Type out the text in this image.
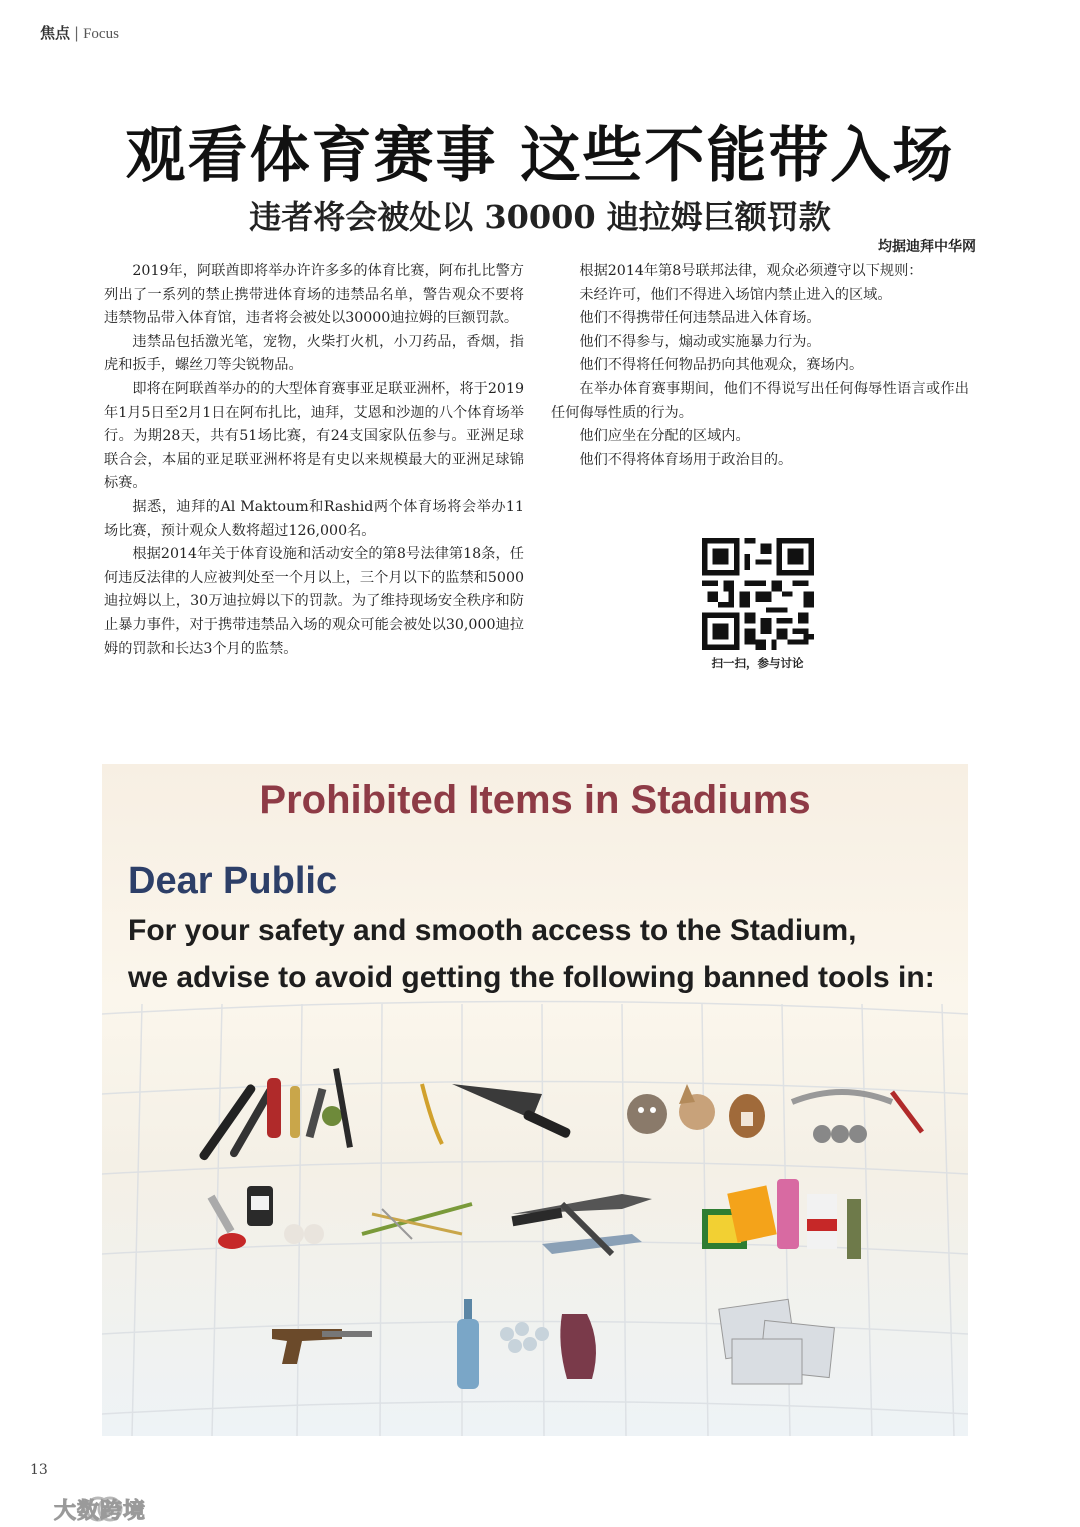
焦点 | Focus
观看体育赛事 这些不能带入场
违者将会被处以 30000 迪拉姆巨额罚款
均据迪拜中华网

2019年，阿联酋即将举办许许多多的体育比赛，阿布扎比警方列出了一系列的禁止携带进体育场的违禁品名单，警告观众不要将违禁物品带入体育馆，违者将会被处以30000迪拉姆的巨额罚款。

违禁品包括激光笔，宠物，火柴打火机，小刀药品，香烟，指虎和扳手，螺丝刀等尖锐物品。

即将在阿联酋举办的的大型体育赛事亚足联亚洲杯，将于2019年1月5日至2月1日在阿布扎比，迪拜，艾恩和沙迦的八个体育场举行。为期28天，共有51场比赛，有24支国家队伍参与。亚洲足球联合会，本届的亚足联亚洲杯将是有史以来规模最大的亚洲足球锦标赛。

据悉，迪拜的Al Maktoum和Rashid两个体育场将会举办11场比赛，预计观众人数将超过126,000名。

根据2014年关于体育设施和活动安全的第8号法律第18条，任何违反法律的人应被判处至一个月以上，三个月以下的监禁和5000迪拉姆以上，30万迪拉姆以下的罚款。为了维持现场安全秩序和防止暴力事件，对于携带违禁品入场的观众可能会被处以30,000迪拉姆的罚款和长达3个月的监禁。

根据2014年第8号联邦法律，观众必须遵守以下规则：

未经许可，他们不得进入场馆内禁止进入的区域。

他们不得携带任何违禁品进入体育场。

他们不得参与，煽动或实施暴力行为。

他们不得将任何物品扔向其他观众，赛场内。

在举办体育赛事期间，他们不得说写出任何侮辱性语言或作出任何侮辱性质的行为。

他们应坐在分配的区域内。

他们不得将体育场用于政治目的。

扫一扫，参与讨论
Prohibited Items in Stadiums
Dear Public
For your safety and smooth access to the Stadium,
we advise to avoid getting the following banned tools in:
13
大数跨境
